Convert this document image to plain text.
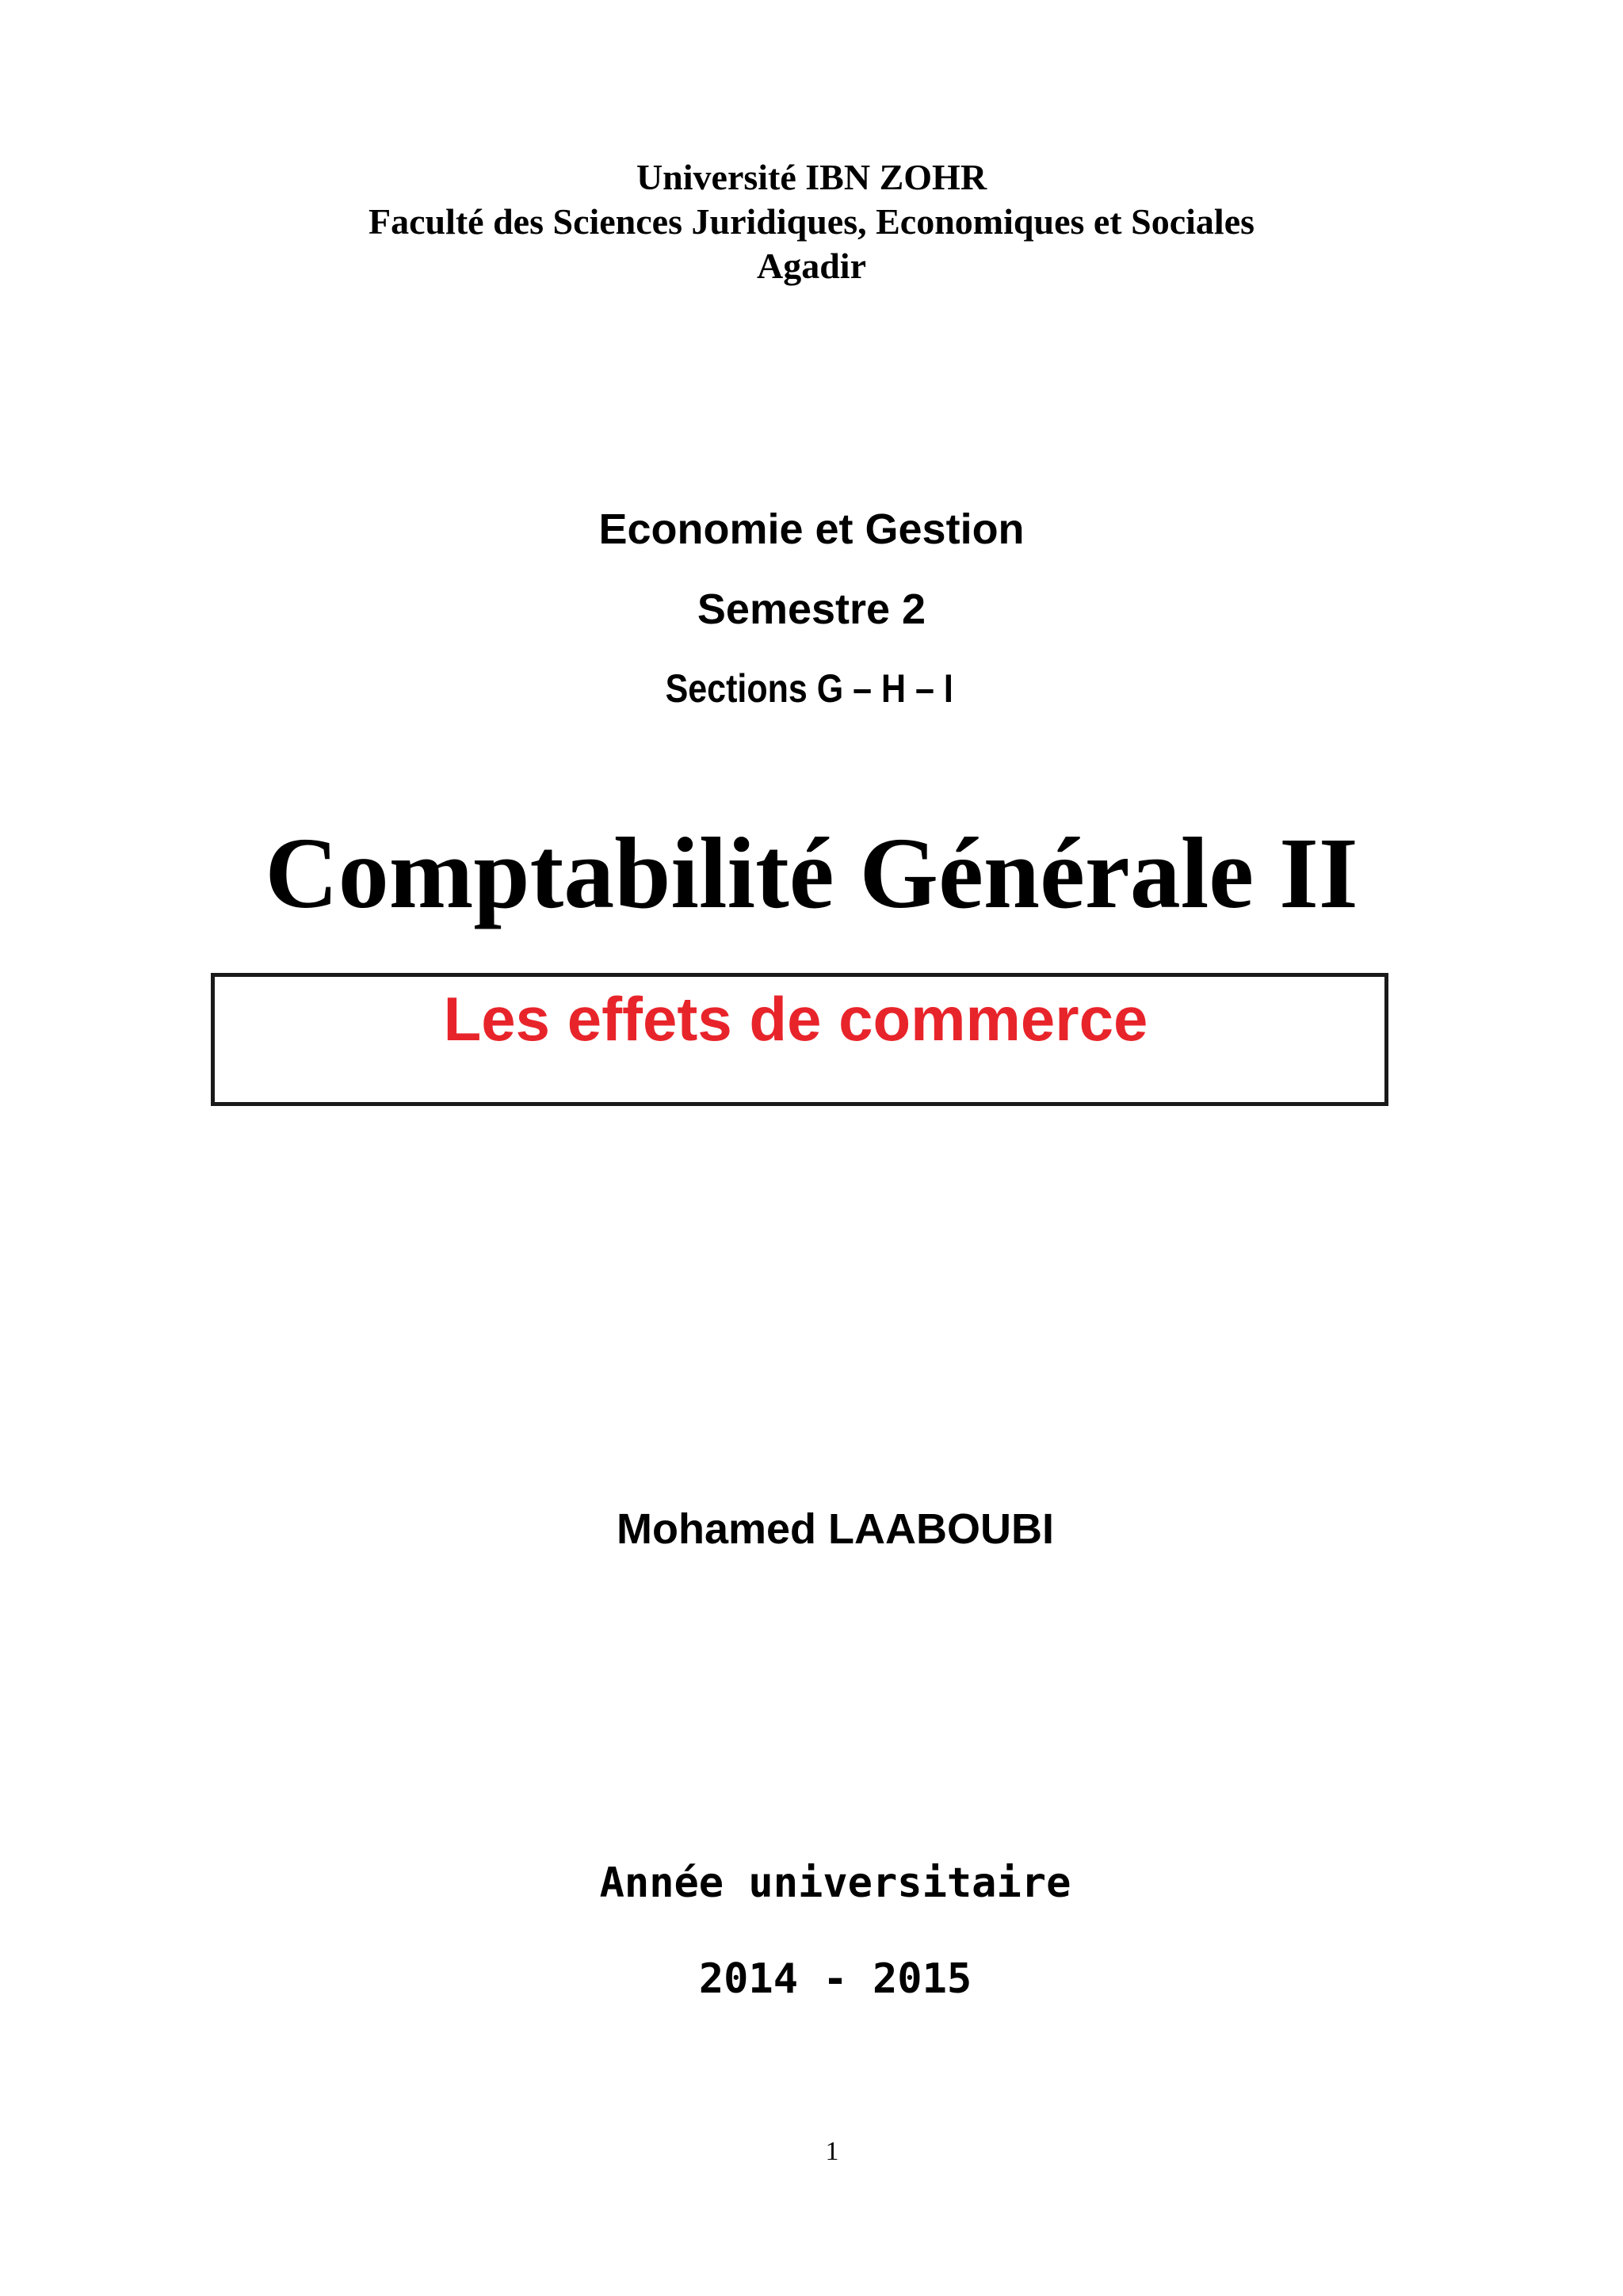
Université IBN ZOHR
Faculté des Sciences Juridiques, Economiques et Sociales
Agadir
Economie et Gestion
Semestre 2
Sections G – H – I
Comptabilité Générale II
Les effets de commerce
Mohamed LAABOUBI
Année universitaire
2014 - 2015
1
